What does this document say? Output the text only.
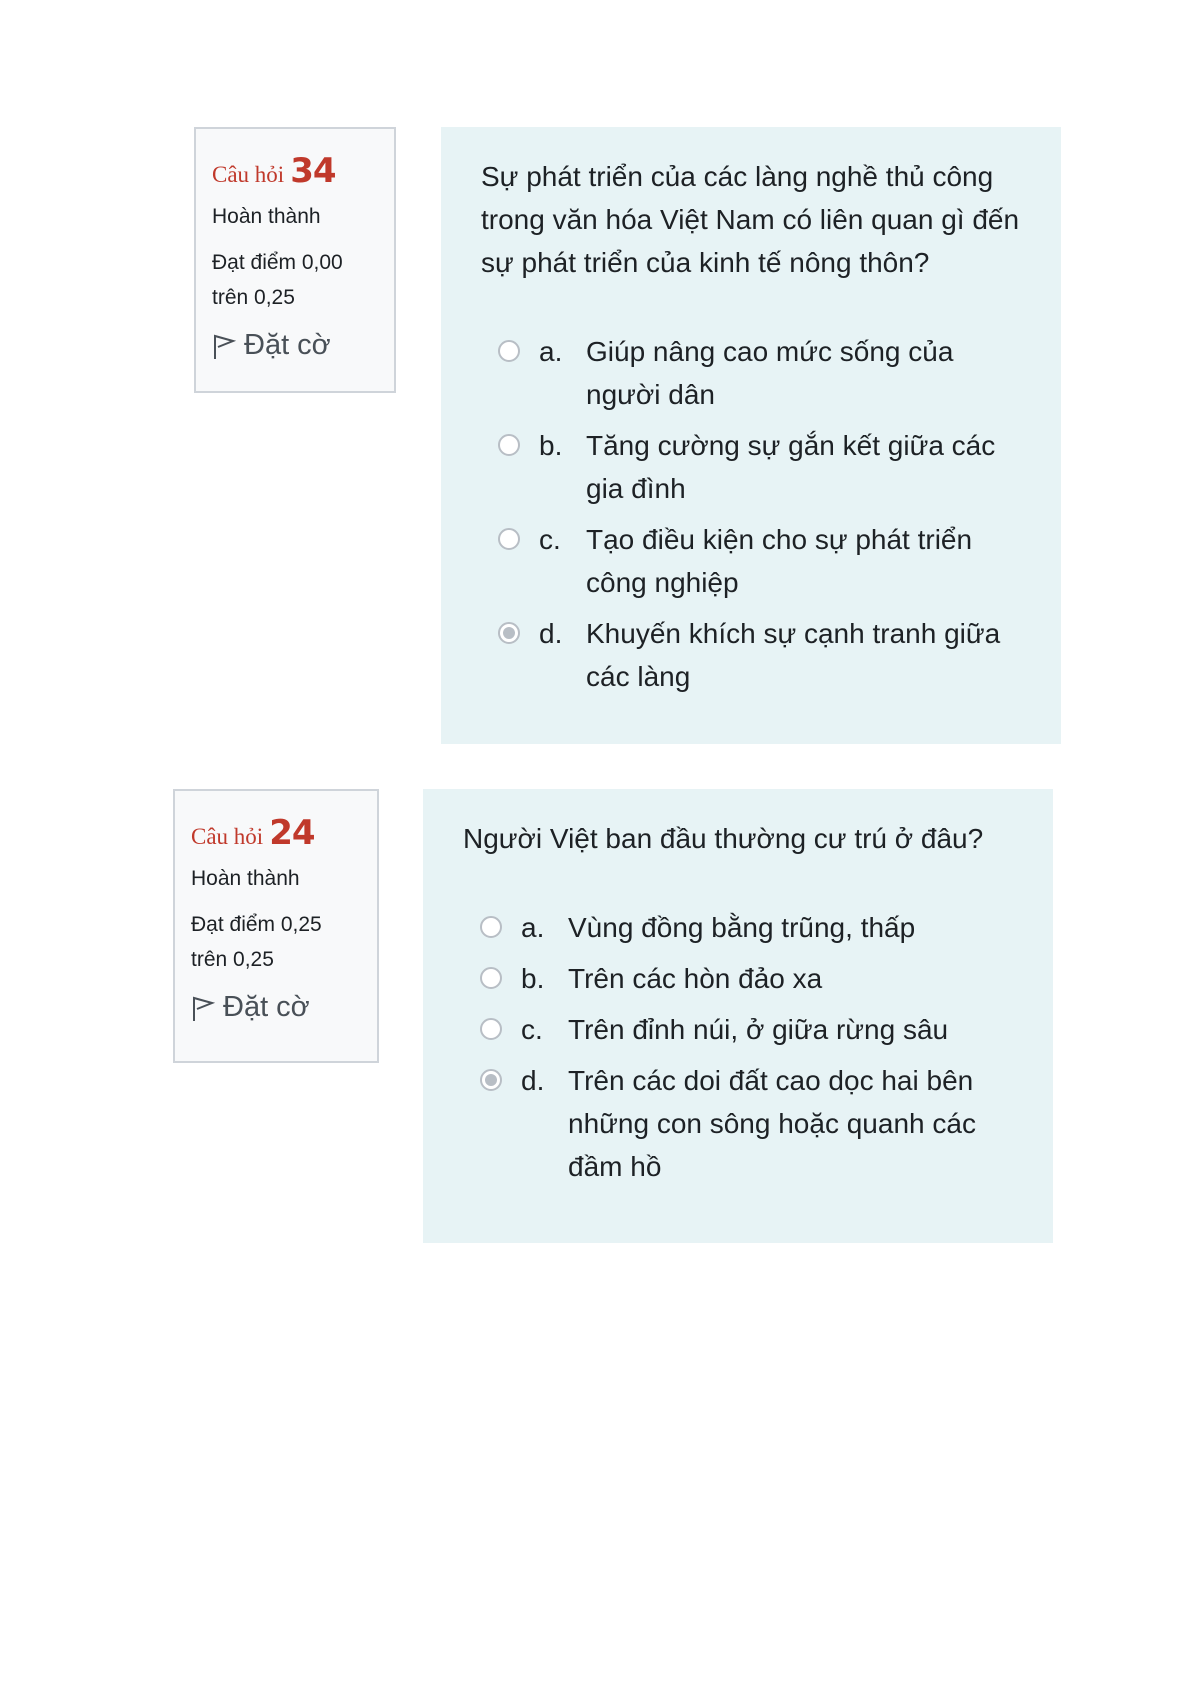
Câu hỏi 34
Hoàn thành
Đạt điểm 0,00
trên 0,25
Đặt cờ
Sự phát triển của các làng nghề thủ công trong văn hóa Việt Nam có liên quan gì đến sự phát triển của kinh tế nông thôn?
a. Giúp nâng cao mức sống của người dân
b. Tăng cường sự gắn kết giữa các gia đình
c. Tạo điều kiện cho sự phát triển công nghiệp
d. Khuyến khích sự cạnh tranh giữa các làng
Câu hỏi 24
Hoàn thành
Đạt điểm 0,25
trên 0,25
Đặt cờ
Người Việt ban đầu thường cư trú ở đâu?
a. Vùng đồng bằng trũng, thấp
b. Trên các hòn đảo xa
c. Trên đỉnh núi, ở giữa rừng sâu
d. Trên các doi đất cao dọc hai bên những con sông hoặc quanh các đầm hồ
